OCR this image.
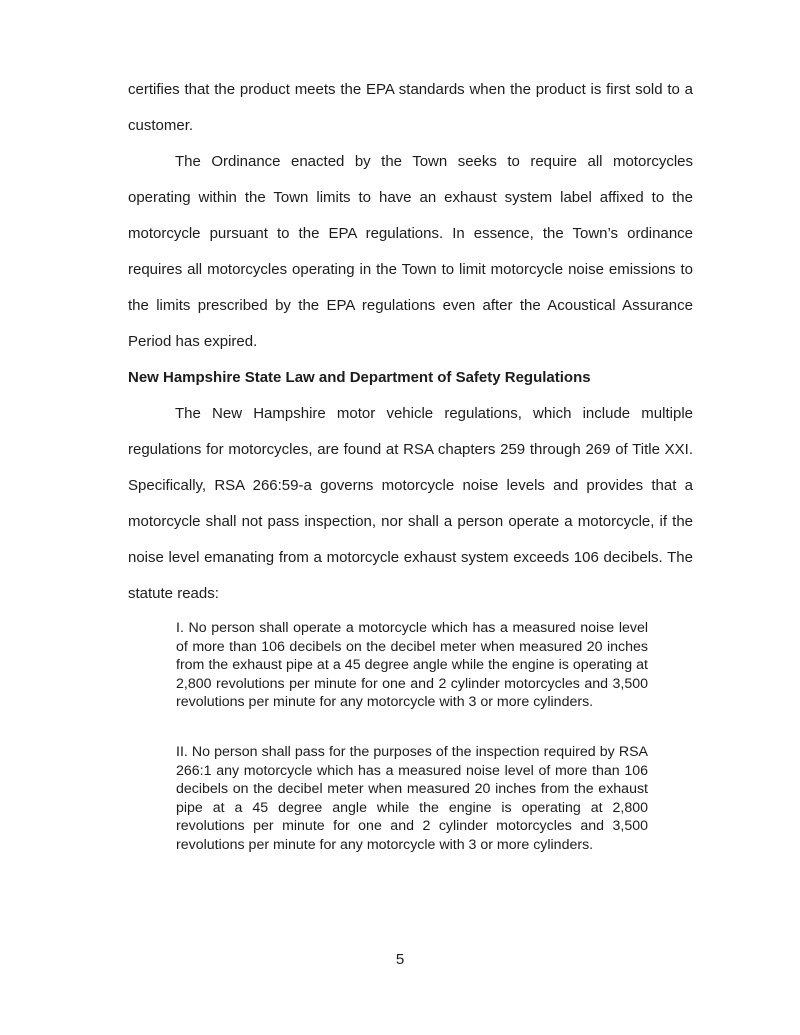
certifies that the product meets the EPA standards when the product is first sold to a customer.

The Ordinance enacted by the Town seeks to require all motorcycles operating within the Town limits to have an exhaust system label affixed to the motorcycle pursuant to the EPA regulations. In essence, the Town’s ordinance requires all motorcycles operating in the Town to limit motorcycle noise emissions to the limits prescribed by the EPA regulations even after the Acoustical Assurance Period has expired.

New Hampshire State Law and Department of Safety Regulations

The New Hampshire motor vehicle regulations, which include multiple regulations for motorcycles, are found at RSA chapters 259 through 269 of Title XXI. Specifically, RSA 266:59-a governs motorcycle noise levels and provides that a motorcycle shall not pass inspection, nor shall a person operate a motorcycle, if the noise level emanating from a motorcycle exhaust system exceeds 106 decibels. The statute reads:

I. No person shall operate a motorcycle which has a measured noise level of more than 106 decibels on the decibel meter when measured 20 inches from the exhaust pipe at a 45 degree angle while the engine is operating at 2,800 revolutions per minute for one and 2 cylinder motorcycles and 3,500 revolutions per minute for any motorcycle with 3 or more cylinders.

II. No person shall pass for the purposes of the inspection required by RSA 266:1 any motorcycle which has a measured noise level of more than 106 decibels on the decibel meter when measured 20 inches from the exhaust pipe at a 45 degree angle while the engine is operating at 2,800 revolutions per minute for one and 2 cylinder motorcycles and 3,500 revolutions per minute for any motorcycle with 3 or more cylinders.

5
